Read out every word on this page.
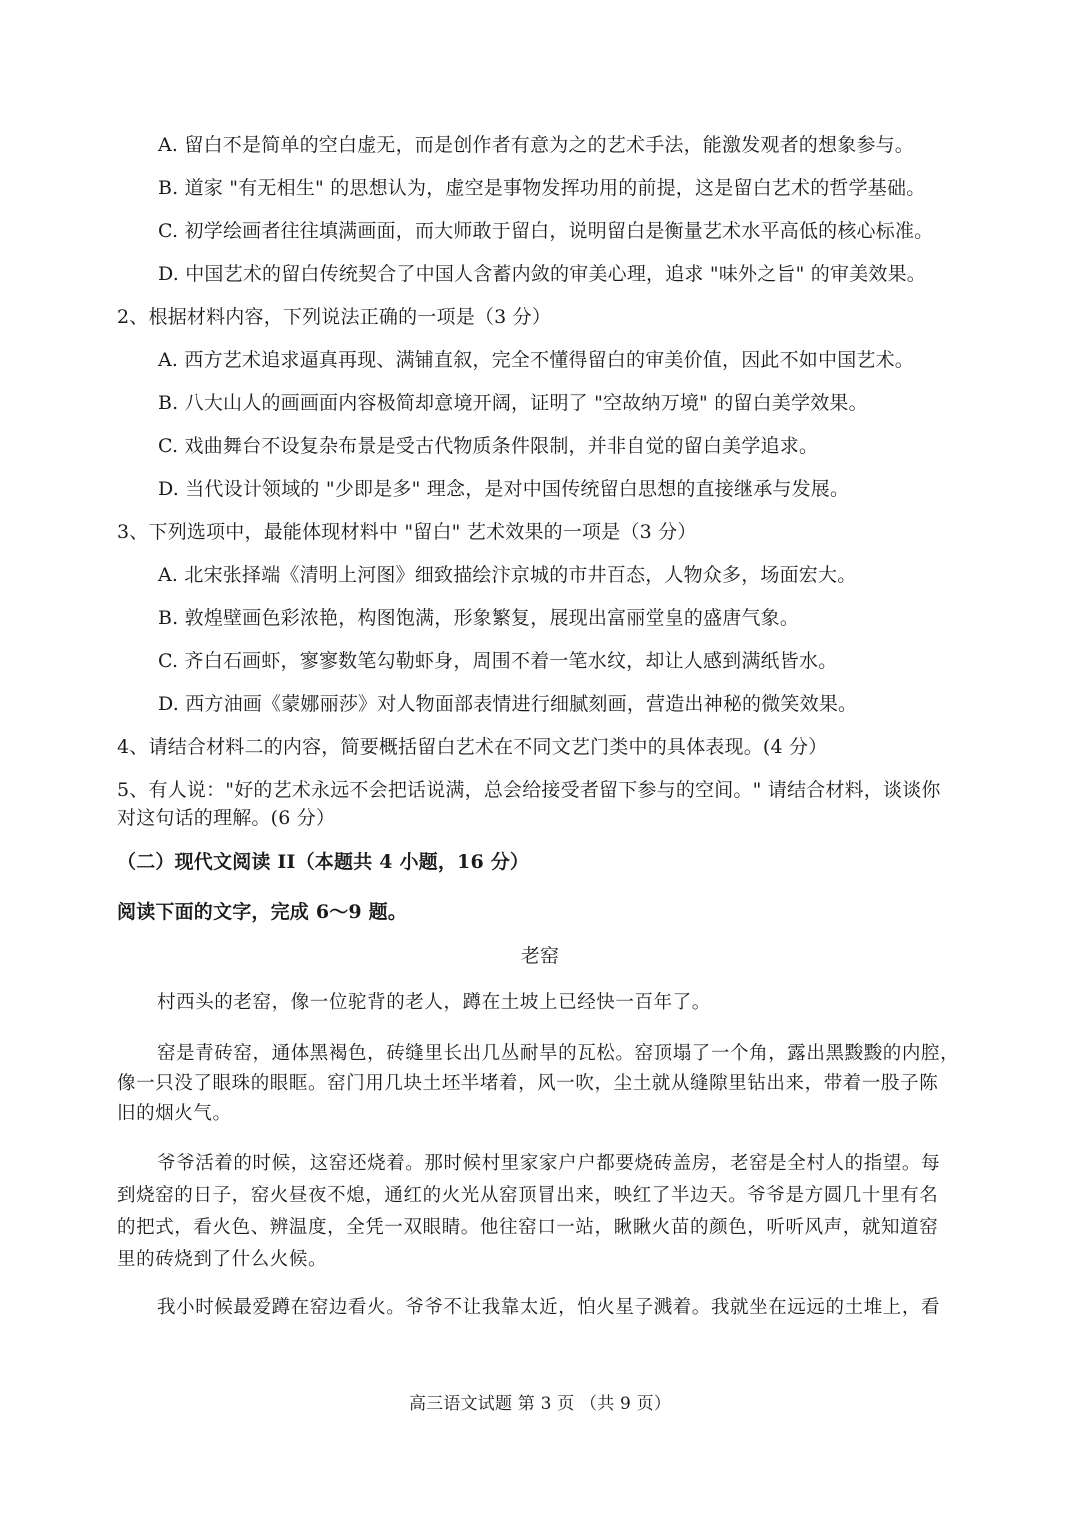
A. 留白不是简单的空白虚无，而是创作者有意为之的艺术手法，能激发观者的想象参与。
B. 道家 "有无相生" 的思想认为，虚空是事物发挥功用的前提，这是留白艺术的哲学基础。
C. 初学绘画者往往填满画面，而大师敢于留白，说明留白是衡量艺术水平高低的核心标准。
D. 中国艺术的留白传统契合了中国人含蓄内敛的审美心理，追求 "味外之旨" 的审美效果。
2、根据材料内容，下列说法正确的一项是（3 分）
A. 西方艺术追求逼真再现、满铺直叙，完全不懂得留白的审美价值，因此不如中国艺术。
B. 八大山人的画画面内容极简却意境开阔，证明了 "空故纳万境" 的留白美学效果。
C. 戏曲舞台不设复杂布景是受古代物质条件限制，并非自觉的留白美学追求。
D. 当代设计领域的 "少即是多" 理念，是对中国传统留白思想的直接继承与发展。
3、下列选项中，最能体现材料中 "留白" 艺术效果的一项是（3 分）
A. 北宋张择端《清明上河图》细致描绘汴京城的市井百态，人物众多，场面宏大。
B. 敦煌壁画色彩浓艳，构图饱满，形象繁复，展现出富丽堂皇的盛唐气象。
C. 齐白石画虾，寥寥数笔勾勒虾身，周围不着一笔水纹，却让人感到满纸皆水。
D. 西方油画《蒙娜丽莎》对人物面部表情进行细腻刻画，营造出神秘的微笑效果。
4、请结合材料二的内容，简要概括留白艺术在不同文艺门类中的具体表现。(4 分）
5、有人说："好的艺术永远不会把话说满，总会给接受者留下参与的空间。" 请结合材料，谈谈你
对这句话的理解。(6 分）
（二）现代文阅读 II（本题共 4 小题，16 分）
阅读下面的文字，完成 6～9 题。
老窑
村西头的老窑，像一位驼背的老人，蹲在土坡上已经快一百年了。
窑是青砖窑，通体黑褐色，砖缝里长出几丛耐旱的瓦松。窑顶塌了一个角，露出黑黢黢的内腔，
像一只没了眼珠的眼眶。窑门用几块土坯半堵着，风一吹，尘土就从缝隙里钻出来，带着一股子陈
旧的烟火气。
爷爷活着的时候，这窑还烧着。那时候村里家家户户都要烧砖盖房，老窑是全村人的指望。每
到烧窑的日子，窑火昼夜不熄，通红的火光从窑顶冒出来，映红了半边天。爷爷是方圆几十里有名
的把式，看火色、辨温度，全凭一双眼睛。他往窑口一站，瞅瞅火苗的颜色，听听风声，就知道窑
里的砖烧到了什么火候。
我小时候最爱蹲在窑边看火。爷爷不让我靠太近，怕火星子溅着。我就坐在远远的土堆上，看
高三语文试题 第 3 页 （共 9 页）
